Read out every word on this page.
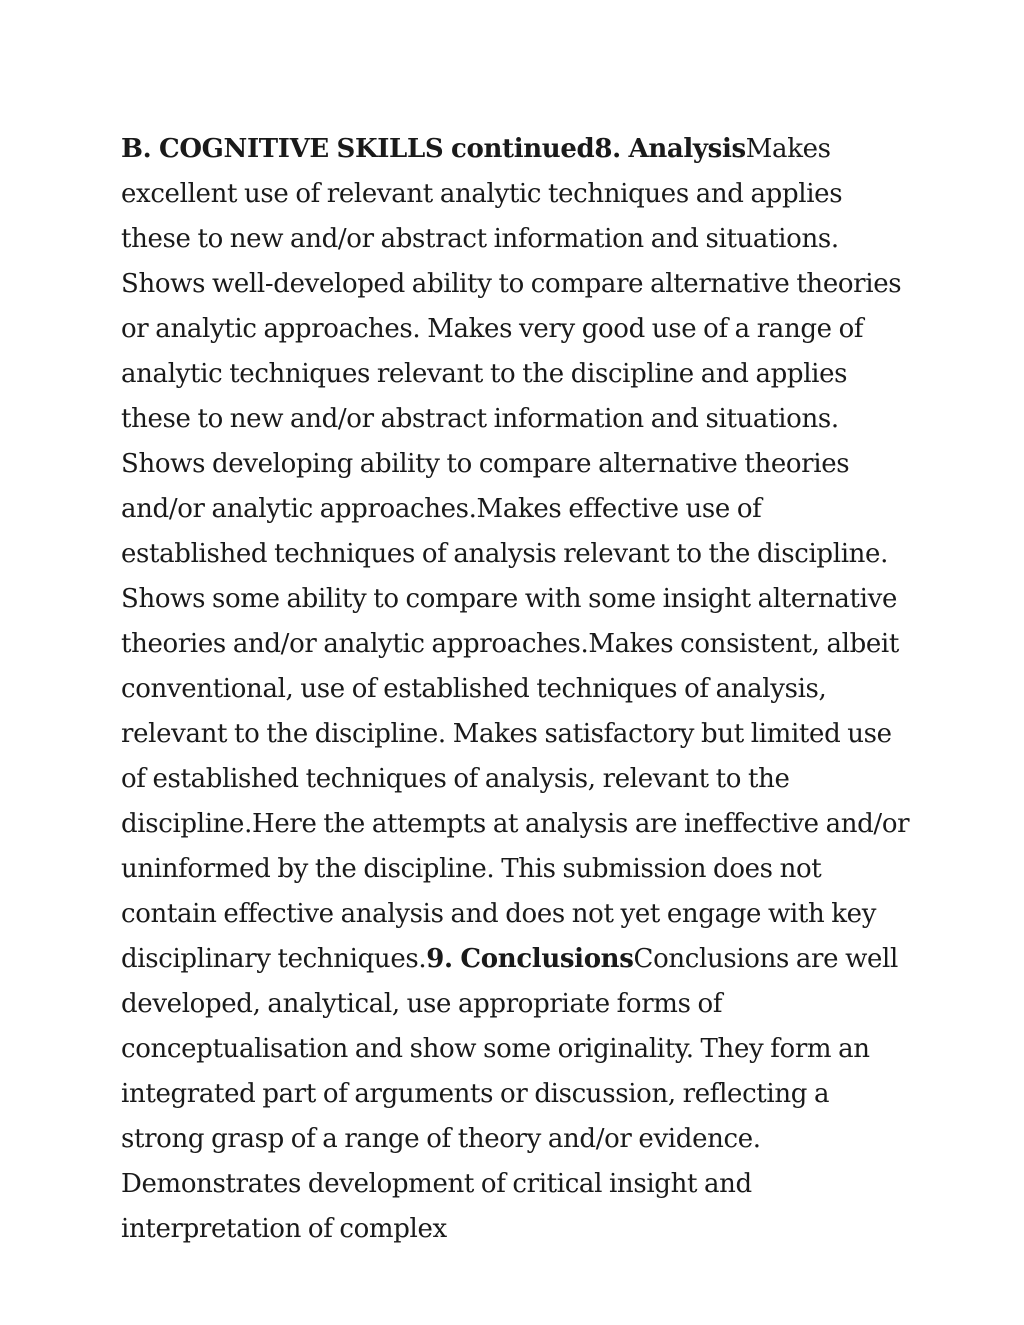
B. COGNITIVE SKILLS continued8. AnalysisMakes excellent use of relevant analytic techniques and applies these to new and/or abstract information and situations. Shows well-developed ability to compare alternative theories or analytic approaches. Makes very good use of a range of analytic techniques relevant to the discipline and applies these to new and/or abstract information and situations. Shows developing ability to compare alternative theories and/or analytic approaches.Makes effective use of established techniques of analysis relevant to the discipline. Shows some ability to compare with some insight alternative theories and/or analytic approaches.Makes consistent, albeit conventional, use of established techniques of analysis, relevant to the discipline. Makes satisfactory but limited use of established techniques of analysis, relevant to the discipline.Here the attempts at analysis are ineffective and/or uninformed by the discipline. This submission does not contain effective analysis and does not yet engage with key disciplinary techniques.9. ConclusionsConclusions are well developed, analytical, use appropriate forms of conceptualisation and show some originality. They form an integrated part of arguments or discussion, reflecting a strong grasp of a range of theory and/or evidence. Demonstrates development of critical insight and interpretation of complex
